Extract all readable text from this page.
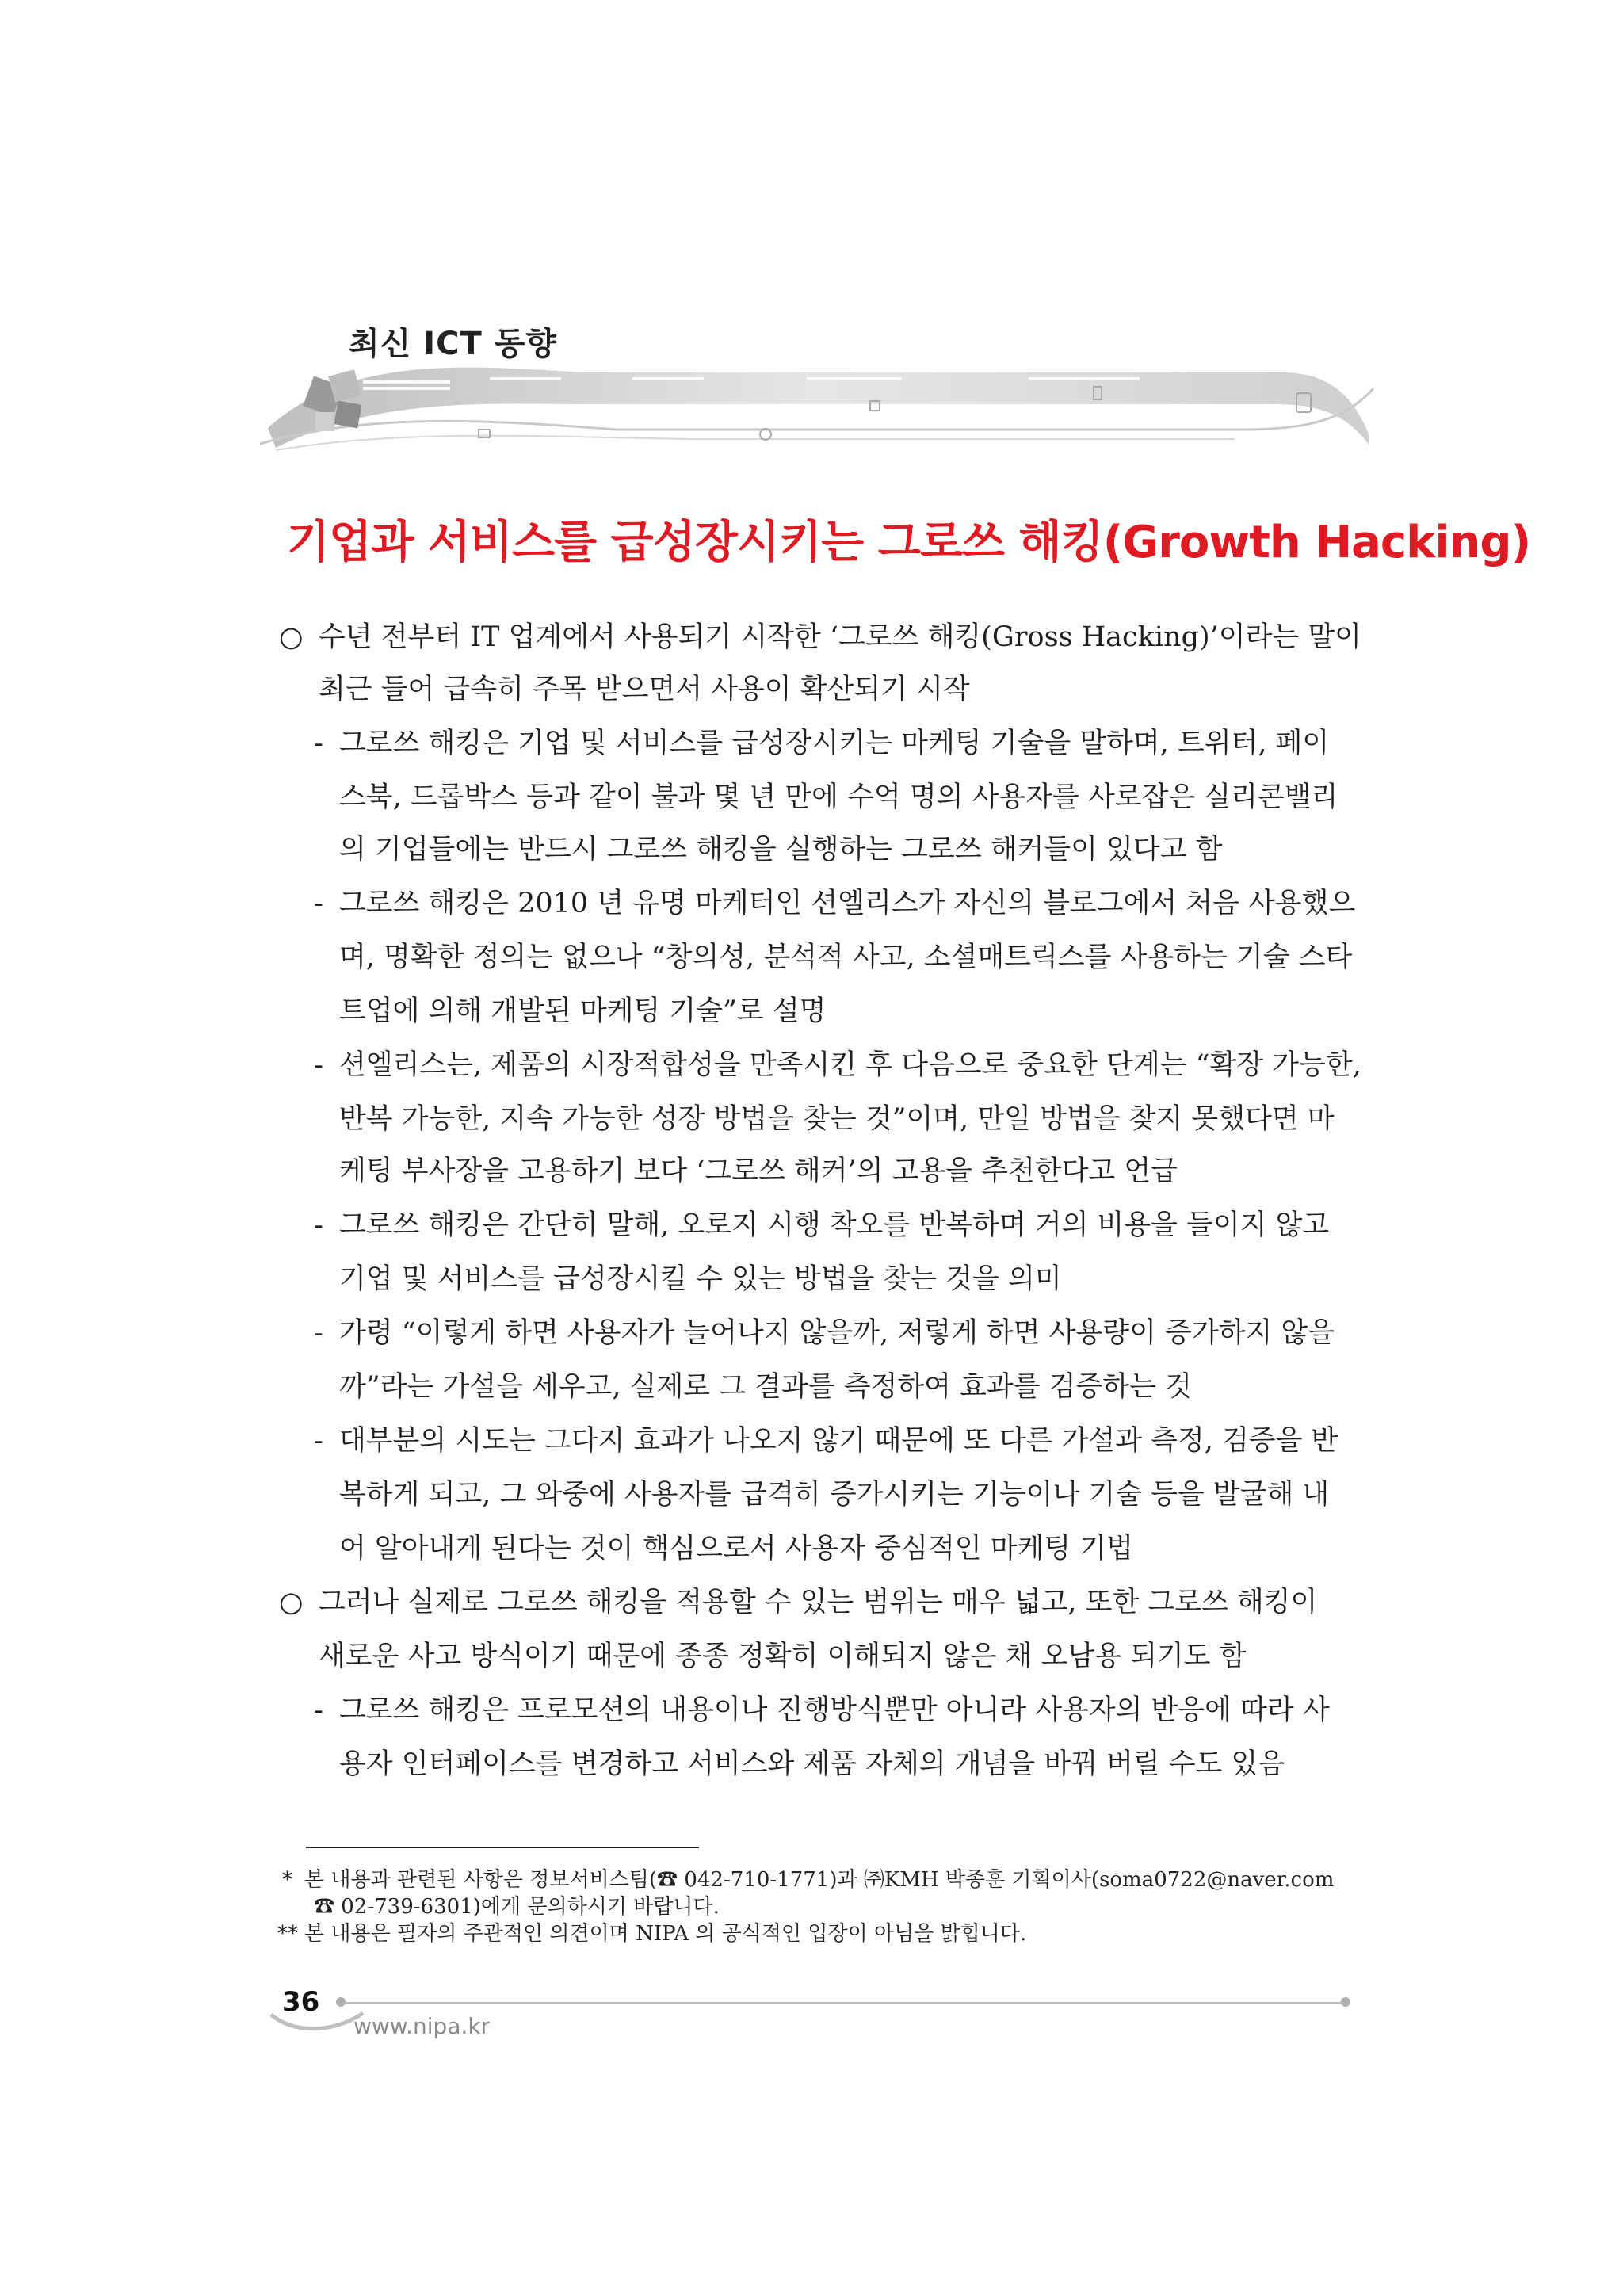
최신 ICT 동향
기업과 서비스를 급성장시키는 그로쓰 해킹(Growth Hacking)
○ 수년 전부터 IT 업계에서 사용되기 시작한 ‘그로쓰 해킹(Gross Hacking)’이라는 말이
최근 들어 급속히 주목 받으면서 사용이 확산되기 시작
- 그로쓰 해킹은 기업 및 서비스를 급성장시키는 마케팅 기술을 말하며, 트위터, 페이
스북, 드롭박스 등과 같이 불과 몇 년 만에 수억 명의 사용자를 사로잡은 실리콘밸리
의 기업들에는 반드시 그로쓰 해킹을 실행하는 그로쓰 해커들이 있다고 함
- 그로쓰 해킹은 2010 년 유명 마케터인 션엘리스가 자신의 블로그에서 처음 사용했으
며, 명확한 정의는 없으나 “창의성, 분석적 사고, 소셜매트릭스를 사용하는 기술 스타
트업에 의해 개발된 마케팅 기술”로 설명
- 션엘리스는, 제품의 시장적합성을 만족시킨 후 다음으로 중요한 단계는 “확장 가능한,
반복 가능한, 지속 가능한 성장 방법을 찾는 것”이며, 만일 방법을 찾지 못했다면 마
케팅 부사장을 고용하기 보다 ‘그로쓰 해커’의 고용을 추천한다고 언급
- 그로쓰 해킹은 간단히 말해, 오로지 시행 착오를 반복하며 거의 비용을 들이지 않고
기업 및 서비스를 급성장시킬 수 있는 방법을 찾는 것을 의미
- 가령 “이렇게 하면 사용자가 늘어나지 않을까, 저렇게 하면 사용량이 증가하지 않을
까”라는 가설을 세우고, 실제로 그 결과를 측정하여 효과를 검증하는 것
- 대부분의 시도는 그다지 효과가 나오지 않기 때문에 또 다른 가설과 측정, 검증을 반
복하게 되고, 그 와중에 사용자를 급격히 증가시키는 기능이나 기술 등을 발굴해 내
어 알아내게 된다는 것이 핵심으로서 사용자 중심적인 마케팅 기법
○ 그러나 실제로 그로쓰 해킹을 적용할 수 있는 범위는 매우 넓고, 또한 그로쓰 해킹이
새로운 사고 방식이기 때문에 종종 정확히 이해되지 않은 채 오남용 되기도 함
- 그로쓰 해킹은 프로모션의 내용이나 진행방식뿐만 아니라 사용자의 반응에 따라 사
용자 인터페이스를 변경하고 서비스와 제품 자체의 개념을 바꿔 버릴 수도 있음
* 본 내용과 관련된 사항은 정보서비스팀(☎ 042-710-1771)과 ㈜KMH 박종훈 기획이사(soma0722@naver.com
☎ 02-739-6301)에게 문의하시기 바랍니다.
** 본 내용은 필자의 주관적인 의견이며 NIPA 의 공식적인 입장이 아님을 밝힙니다.
36
www.nipa.kr
